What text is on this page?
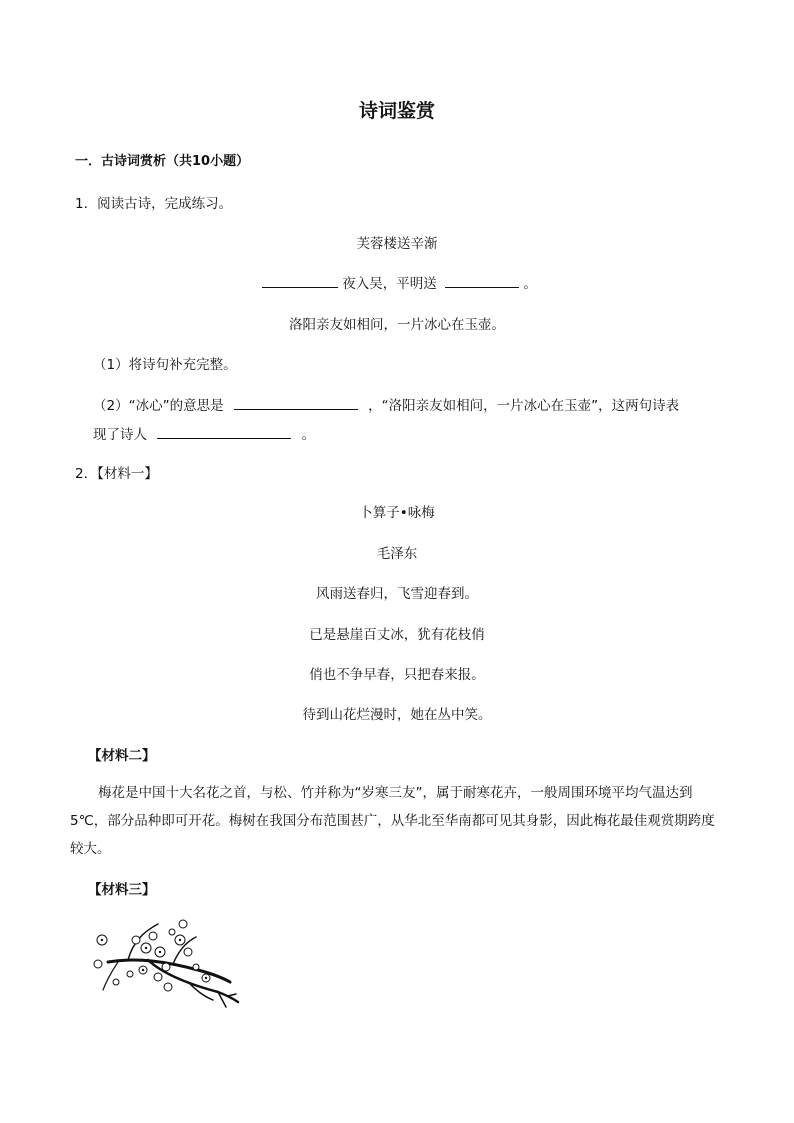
诗词鉴赏
一．古诗词赏析（共10小题）
1．阅读古诗，完成练习。
芙蓉楼送辛渐
夜入吴，平明送	。
洛阳亲友如相问，一片冰心在玉壶。
（1）将诗句补充完整。
（2）“冰心”的意思是	，“洛阳亲友如相问，一片冰心在玉壶”，这两句诗表
现了诗人	。
2．【材料一】
卜算子•咏梅
毛泽东
风雨送春归，飞雪迎春到。
已是悬崖百丈冰，犹有花枝俏
俏也不争早春，只把春来报。
待到山花烂漫时，她在丛中笑。
【材料二】
梅花是中国十大名花之首，与松、竹并称为“岁寒三友”，属于耐寒花卉，一般周围环境平均气温达到5℃，部分品种即可开花。梅树在我国分布范围甚广，从华北至华南都可见其身影，因此梅花最佳观赏期跨度较大。
【材料三】
